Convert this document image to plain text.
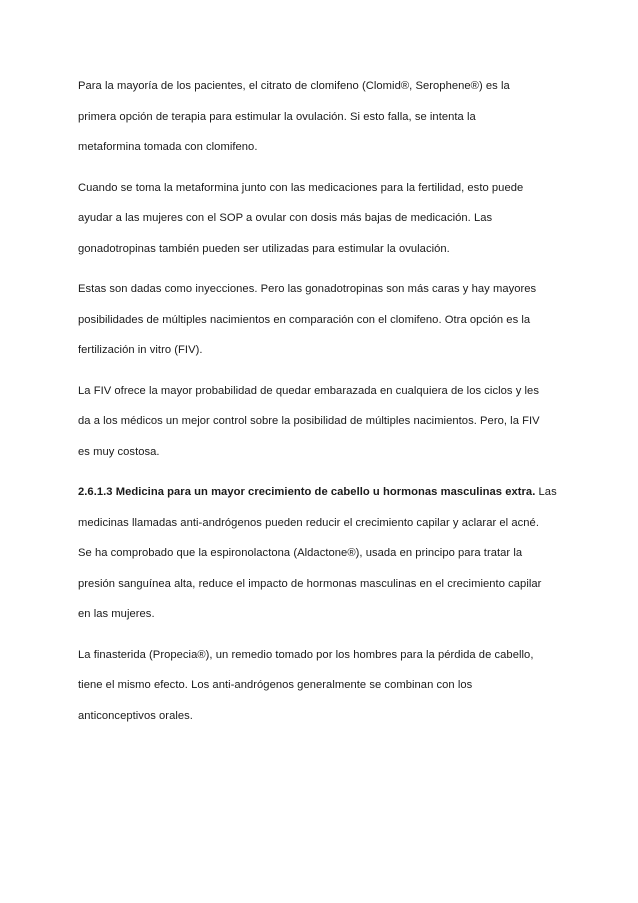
Para la mayoría de los pacientes, el citrato de clomifeno (Clomid®, Serophene®) es la
primera opción de terapia para estimular la ovulación. Si esto falla, se intenta la
metaformina tomada con clomifeno.

Cuando se toma la metaformina junto con las medicaciones para la fertilidad, esto puede
ayudar a las mujeres con el SOP a ovular con dosis más bajas de medicación. Las
gonadotropinas también pueden ser utilizadas para estimular la ovulación.

Estas son dadas como inyecciones. Pero las gonadotropinas son más caras y hay mayores
posibilidades de múltiples nacimientos en comparación con el clomifeno. Otra opción es la
fertilización in vitro (FIV).

La FIV ofrece la mayor probabilidad de quedar embarazada en cualquiera de los ciclos y les
da a los médicos un mejor control sobre la posibilidad de múltiples nacimientos. Pero, la FIV
es muy costosa.

2.6.1.3 Medicina para un mayor crecimiento de cabello u hormonas masculinas extra. Las
medicinas llamadas anti-andrógenos pueden reducir el crecimiento capilar y aclarar el acné.
Se ha comprobado que la espironolactona (Aldactone®), usada en principo para tratar la
presión sanguínea alta, reduce el impacto de hormonas masculinas en el crecimiento capilar
en las mujeres.

La finasterida (Propecia®), un remedio tomado por los hombres para la pérdida de cabello,
tiene el mismo efecto. Los anti-andrógenos generalmente se combinan con los
anticonceptivos orales.
